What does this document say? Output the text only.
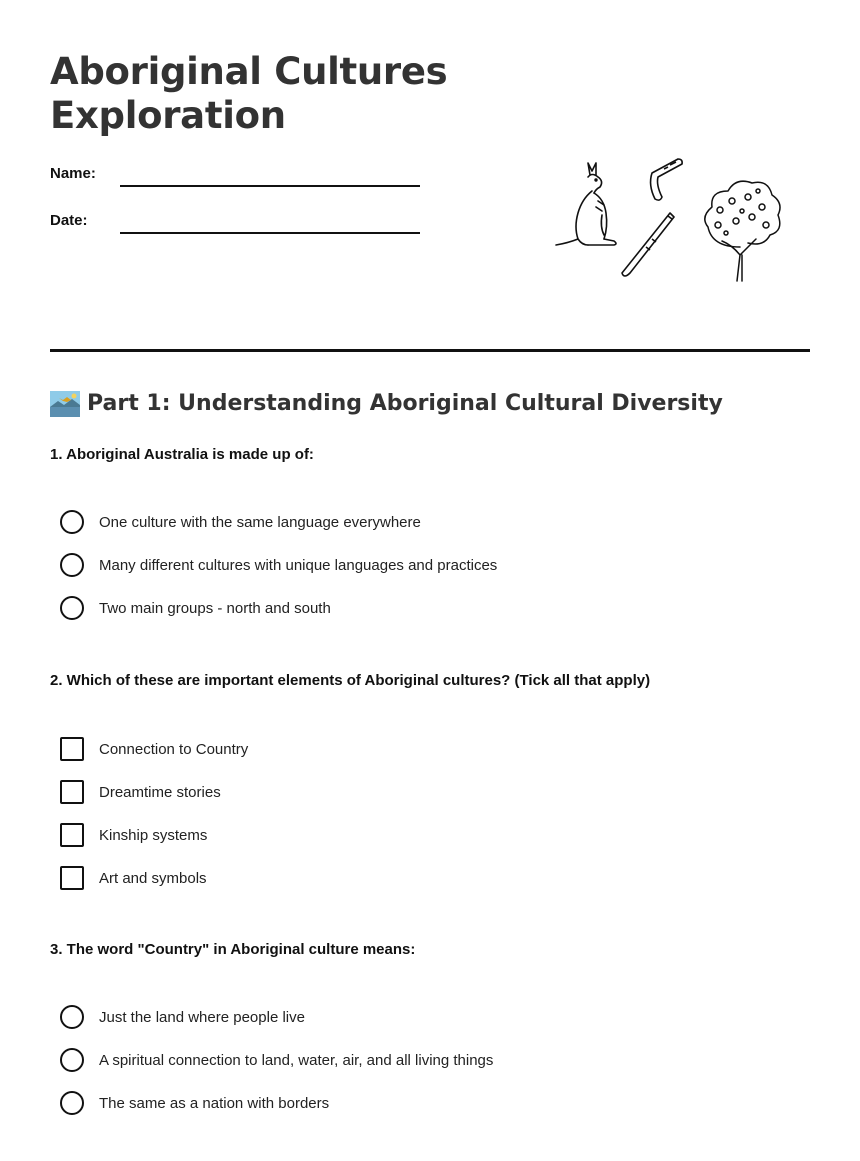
Aboriginal Cultures Exploration
Name:
Date:
Part 1: Understanding Aboriginal Cultural Diversity

1. Aboriginal Australia is made up of:

One culture with the same language everywhere
Many different cultures with unique languages and practices
Two main groups - north and south

2. Which of these are important elements of Aboriginal cultures? (Tick all that apply)

Connection to Country
Dreamtime stories
Kinship systems
Art and symbols

3. The word "Country" in Aboriginal culture means:

Just the land where people live
A spiritual connection to land, water, air, and all living things
The same as a nation with borders
